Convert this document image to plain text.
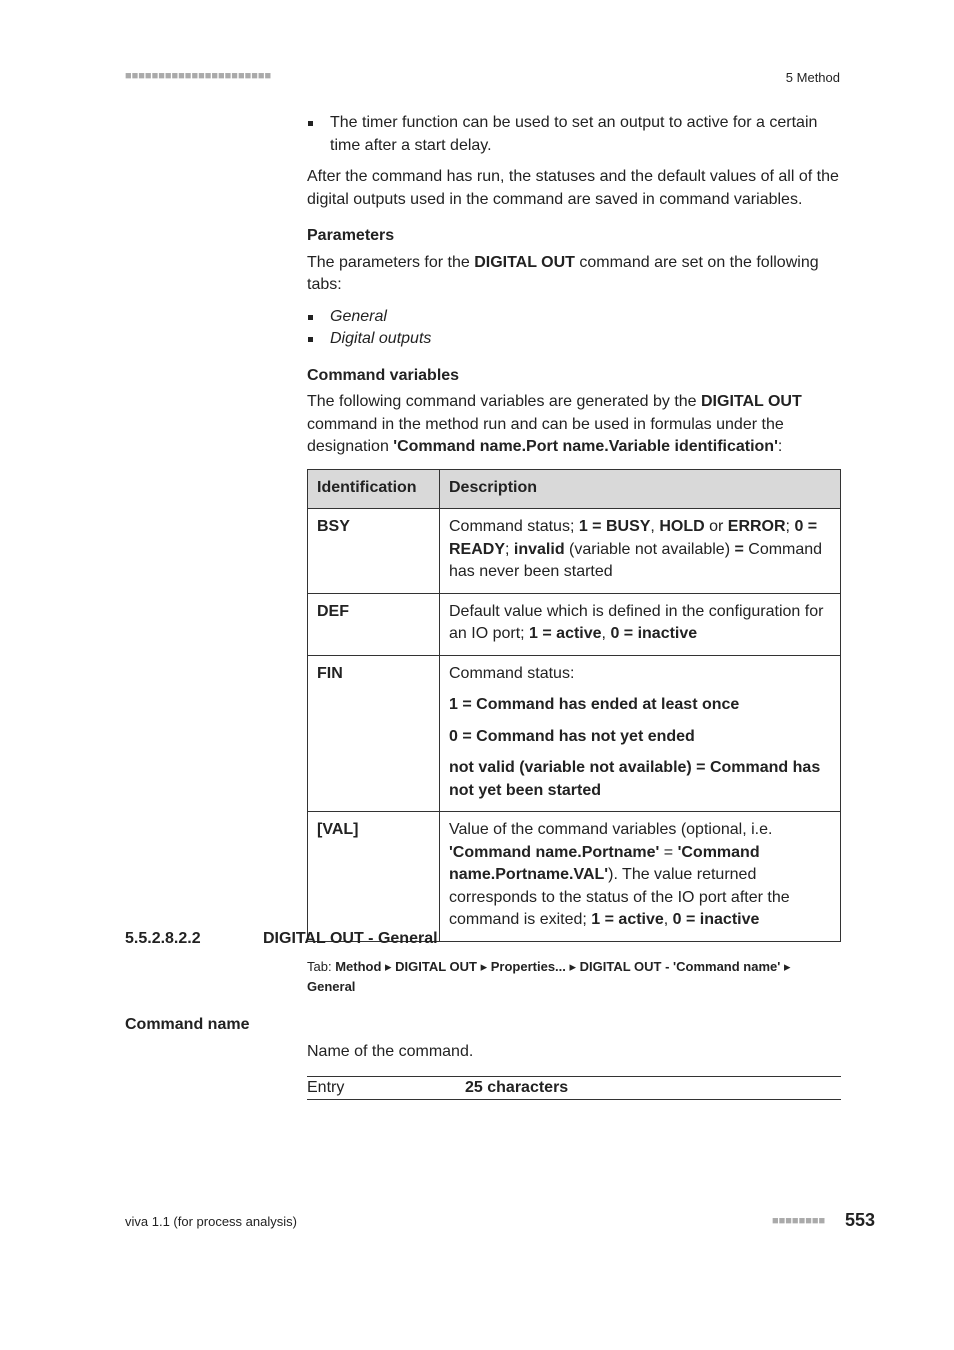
■■■■■■■■■■■■■■■■■■■■■■	5 Method
The timer function can be used to set an output to active for a certain time after a start delay.

After the command has run, the statuses and the default values of all of the digital outputs used in the command are saved in command variables.

Parameters

The parameters for the DIGITAL OUT command are set on the following tabs:

General
Digital outputs
Command variables

The following command variables are generated by the DIGITAL OUT command in the method run and can be used in formulas under the designation 'Command name.Port name.Variable identification':

Identification	Description
BSY	Command status; 1 = BUSY, HOLD or ERROR; 0 = READY; invalid (variable not available) = Command has never been started
DEF	Default value which is defined in the configuration for an IO port; 1 = active, 0 = inactive
FIN	Command status:

1 = Command has ended at least once

0 = Command has not yet ended

not valid (variable not available) = Command has not yet been started

[VAL]	Value of the command variables (optional, i.e. 'Command name.Portname' = 'Command name.Portname.VAL'). The value returned corresponds to the status of the IO port after the command is exited; 1 = active, 0 = inactive
5.5.2.8.2.2	DIGITAL OUT - General
Tab: Method ▸ DIGITAL OUT ▸ Properties... ▸ DIGITAL OUT - 'Command name' ▸ General
Command name
Name of the command.
Entry	25 characters
viva 1.1 (for process analysis)	■■■■■■■■ 553
